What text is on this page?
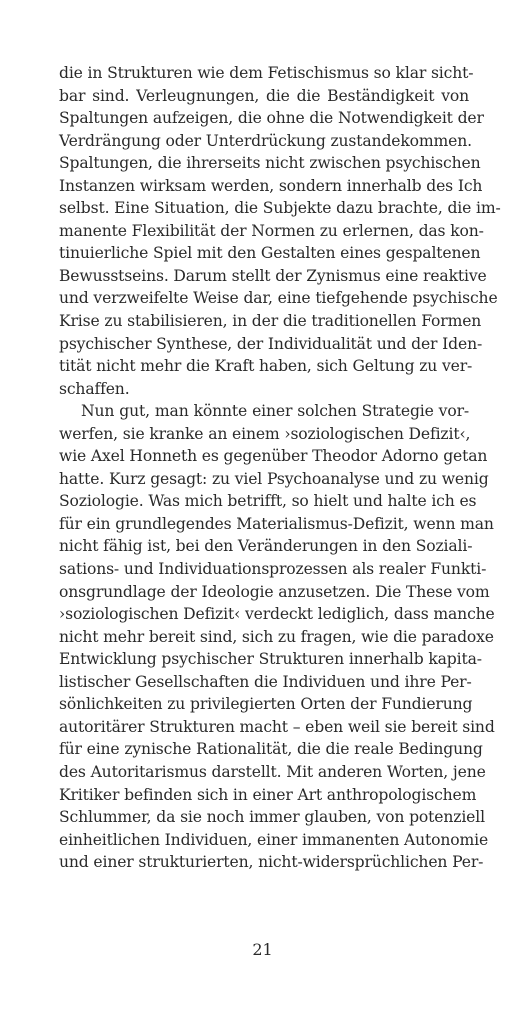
die in Strukturen wie dem Fetischismus so klar sicht-
bar sind. Verleugnungen, die die Beständigkeit von
Spaltungen aufzeigen, die ohne die Notwendigkeit der
Verdrängung oder Unterdrückung zustandekommen.
Spaltungen, die ihrerseits nicht zwischen psychischen
Instanzen wirksam werden, sondern innerhalb des Ich
selbst. Eine Situation, die Subjekte dazu brachte, die im-
manente Flexibilität der Normen zu erlernen, das kon-
tinuierliche Spiel mit den Gestalten eines gespaltenen
Bewusstseins. Darum stellt der Zynismus eine reaktive
und verzweifelte Weise dar, eine tiefgehende psychische
Krise zu stabilisieren, in der die traditionellen Formen
psychischer Synthese, der Individualität und der Iden-
tität nicht mehr die Kraft haben, sich Geltung zu ver-
schaffen.
Nun gut, man könnte einer solchen Strategie vor-
werfen, sie kranke an einem ›soziologischen Defizit‹,
wie Axel Honneth es gegenüber Theodor Adorno getan
hatte. Kurz gesagt: zu viel Psychoanalyse und zu wenig
Soziologie. Was mich betrifft, so hielt und halte ich es
für ein grundlegendes Materialismus-Defizit, wenn man
nicht fähig ist, bei den Veränderungen in den Soziali-
sations- und Individuationsprozessen als realer Funkti-
onsgrundlage der Ideologie anzusetzen. Die These vom
›soziologischen Defizit‹ verdeckt lediglich, dass manche
nicht mehr bereit sind, sich zu fragen, wie die paradoxe
Entwicklung psychischer Strukturen innerhalb kapita-
listischer Gesellschaften die Individuen und ihre Per-
sönlichkeiten zu privilegierten Orten der Fundierung
autoritärer Strukturen macht – eben weil sie bereit sind
für eine zynische Rationalität, die die reale Bedingung
des Autoritarismus darstellt. Mit anderen Worten, jene
Kritiker befinden sich in einer Art anthropologischem
Schlummer, da sie noch immer glauben, von potenziell
einheitlichen Individuen, einer immanenten Autonomie
und einer strukturierten, nicht-widersprüchlichen Per-
21
